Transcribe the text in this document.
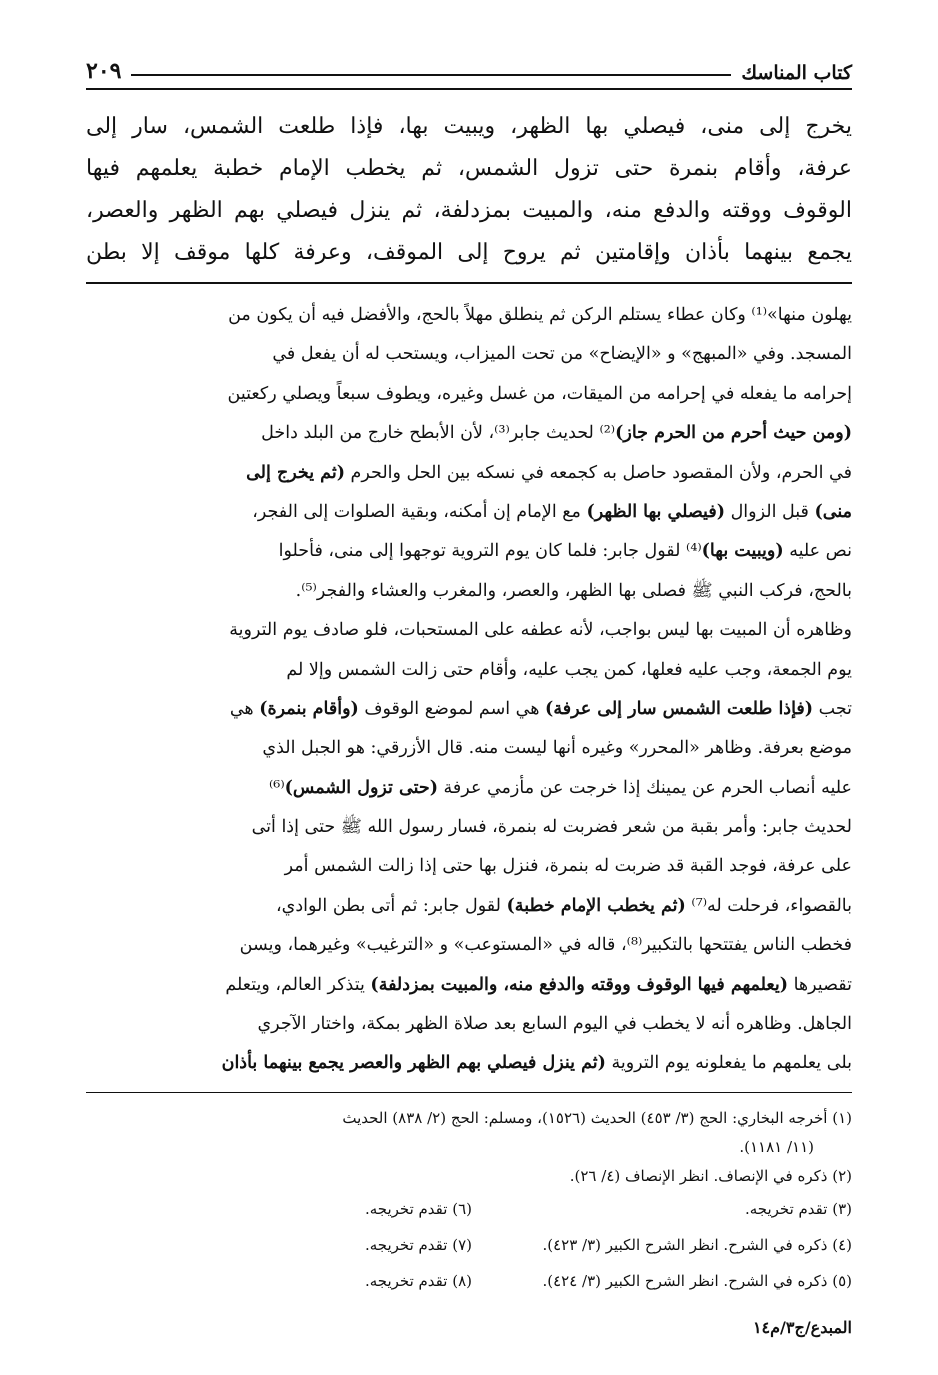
كتاب المناسك
٢٠٩

يخرج إلى منى، فيصلي بها الظهر، ويبيت بها، فإذا طلعت الشمس، سار إلى

عرفة، وأقام بنمرة حتى تزول الشمس، ثم يخطب الإمام خطبة يعلمهم فيها

الوقوف ووقته والدفع منه، والمبيت بمزدلفة، ثم ينزل فيصلي بهم الظهر والعصر،

يجمع بينهما بأذان وإقامتين ثم يروح إلى الموقف، وعرفة كلها موقف إلا بطن

يهلون منها»⁽¹⁾ وكان عطاء يستلم الركن ثم ينطلق مهلاً بالحج، والأفضل فيه أن يكون من

المسجد. وفي «المبهج» و «الإيضاح» من تحت الميزاب، ويستحب له أن يفعل في

إحرامه ما يفعله في إحرامه من الميقات، من غسل وغيره، ويطوف سبعاً ويصلي ركعتين

(ومن حيث أحرم من الحرم جاز)⁽²⁾ لحديث جابر⁽³⁾، لأن الأبطح خارج من البلد داخل

في الحرم، ولأن المقصود حاصل به كجمعه في نسكه بين الحل والحرم (ثم يخرج إلى

منى) قبل الزوال (فيصلي بها الظهر) مع الإمام إن أمكنه، وبقية الصلوات إلى الفجر،

نص عليه (ويبيت بها)⁽⁴⁾ لقول جابر: فلما كان يوم التروية توجهوا إلى منى، فأحلوا

بالحج، فركب النبي ﷺ فصلى بها الظهر، والعصر، والمغرب والعشاء والفجر⁽⁵⁾.

وظاهره أن المبيت بها ليس بواجب، لأنه عطفه على المستحبات، فلو صادف يوم التروية

يوم الجمعة، وجب عليه فعلها، كمن يجب عليه، وأقام حتى زالت الشمس وإلا لم

تجب (فإذا طلعت الشمس سار إلى عرفة) هي اسم لموضع الوقوف (وأقام بنمرة) هي

موضع بعرفة. وظاهر «المحرر» وغيره أنها ليست منه. قال الأزرقي: هو الجبل الذي

عليه أنصاب الحرم عن يمينك إذا خرجت عن مأزمي عرفة (حتى تزول الشمس)⁽⁶⁾

لحديث جابر: وأمر بقبة من شعر فضربت له بنمرة، فسار رسول الله ﷺ حتى إذا أتى

على عرفة، فوجد القبة قد ضربت له بنمرة، فنزل بها حتى إذا زالت الشمس أمر

بالقصواء، فرحلت له⁽⁷⁾ (ثم يخطب الإمام خطبة) لقول جابر: ثم أتى بطن الوادي،

فخطب الناس يفتتحها بالتكبير⁽⁸⁾، قاله في «المستوعب» و «الترغيب» وغيرهما، ويسن

تقصيرها (يعلمهم فيها الوقوف ووقته والدفع منه، والمبيت بمزدلفة) يتذكر العالم، ويتعلم

الجاهل. وظاهره أنه لا يخطب في اليوم السابع بعد صلاة الظهر بمكة، واختار الآجري

بلى يعلمهم ما يفعلونه يوم التروية (ثم ينزل فيصلي بهم الظهر والعصر يجمع بينهما بأذان

(١) أخرجه البخاري: الحج (٣/ ٤٥٣) الحديث (١٥٢٦)، ومسلم: الحج (٢/ ٨٣٨) الحديث
(١١/ ١١٨١).
(٢) ذكره في الإنصاف. انظر الإنصاف (٤/ ٢٦).
(٣) تقدم تخريجه.
(٦) تقدم تخريجه.
(٤) ذكره في الشرح. انظر الشرح الكبير (٣/ ٤٢٣).
(٧) تقدم تخريجه.
(٥) ذكره في الشرح. انظر الشرح الكبير (٣/ ٤٢٤).
(٨) تقدم تخريجه.
المبدع/ج٣/م١٤
